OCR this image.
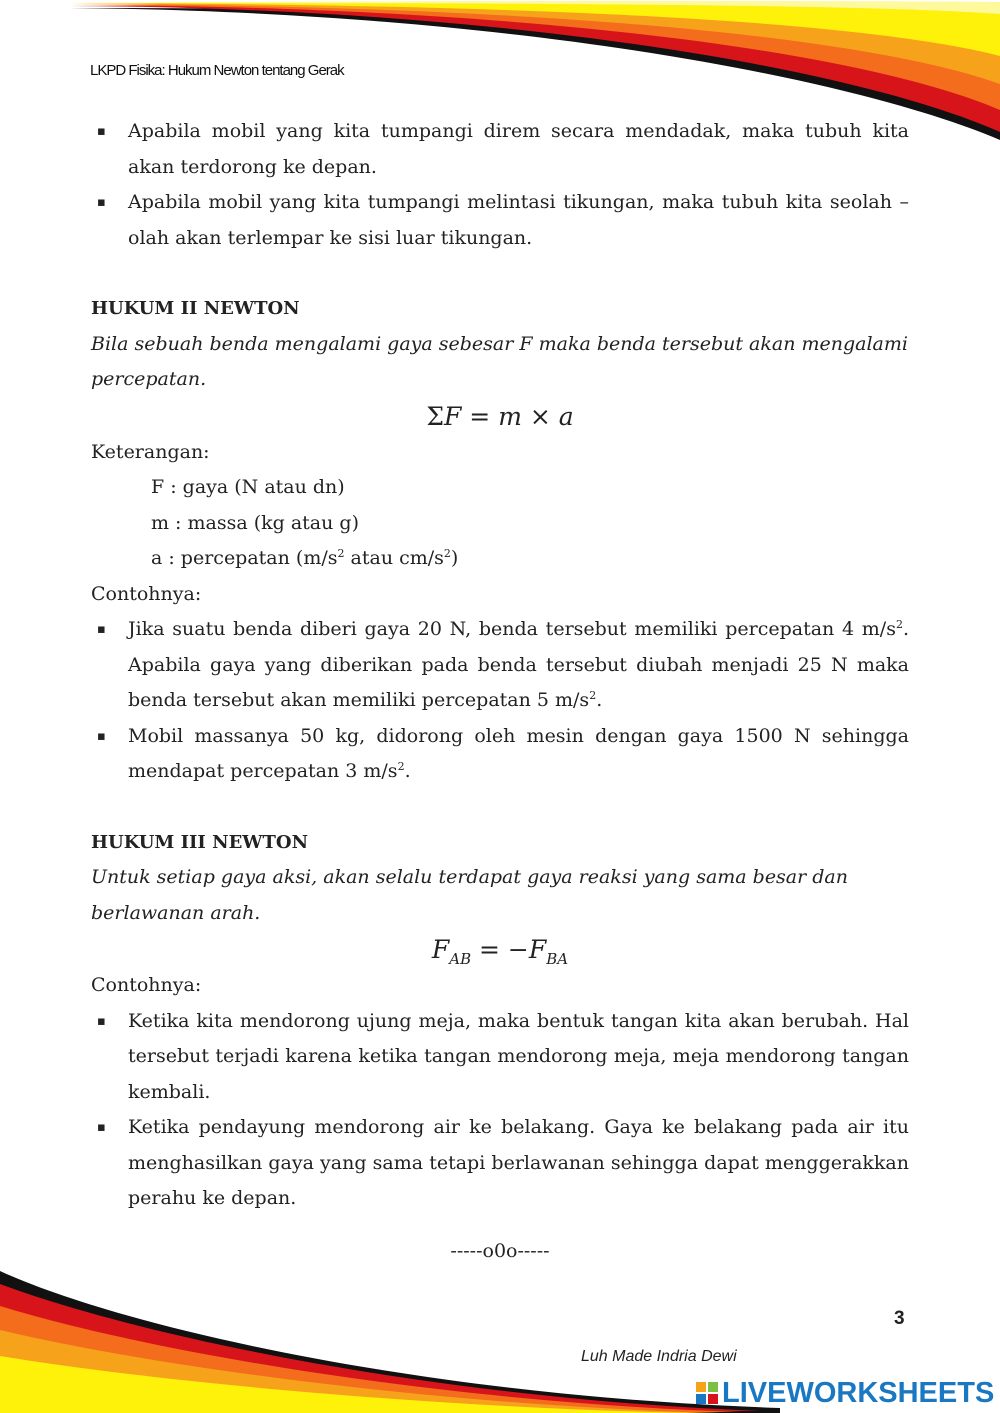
LKPD Fisika: Hukum Newton tentang Gerak
▪ Apabila mobil yang kita tumpangi direm secara mendadak, maka tubuh kita akan terdorong ke depan.
▪ Apabila mobil yang kita tumpangi melintasi tikungan, maka tubuh kita seolah – olah akan terlempar ke sisi luar tikungan.
HUKUM II NEWTON

Bila sebuah benda mengalami gaya sebesar F maka benda tersebut akan mengalami percepatan.

ΣF = m × a

Keterangan:

F : gaya (N atau dn)

m : massa (kg atau g)

a : percepatan ($m/s^2$ atau $cm/s^2$)

Contohnya:

▪ Jika suatu benda diberi gaya 20 N, benda tersebut memiliki percepatan 4 $m/s^2$. Apabila gaya yang diberikan pada benda tersebut diubah menjadi 25 N maka benda tersebut akan memiliki percepatan 5 $m/s^2$.
▪ Mobil massanya 50 kg, didorong oleh mesin dengan gaya 1500 N sehingga mendapat percepatan 3 $m/s^2$.
HUKUM III NEWTON

Untuk setiap gaya aksi, akan selalu terdapat gaya reaksi yang sama besar dan berlawanan arah.

$F_{AB} = -F_{BA}$

Contohnya:

▪ Ketika kita mendorong ujung meja, maka bentuk tangan kita akan berubah. Hal tersebut terjadi karena ketika tangan mendorong meja, meja mendorong tangan kembali.
▪ Ketika pendayung mendorong air ke belakang. Gaya ke belakang pada air itu menghasilkan gaya yang sama tetapi berlawanan sehingga dapat menggerakkan perahu ke depan.
-----o0o-----
3
Luh Made Indria Dewi
LIVEWORKSHEETS
